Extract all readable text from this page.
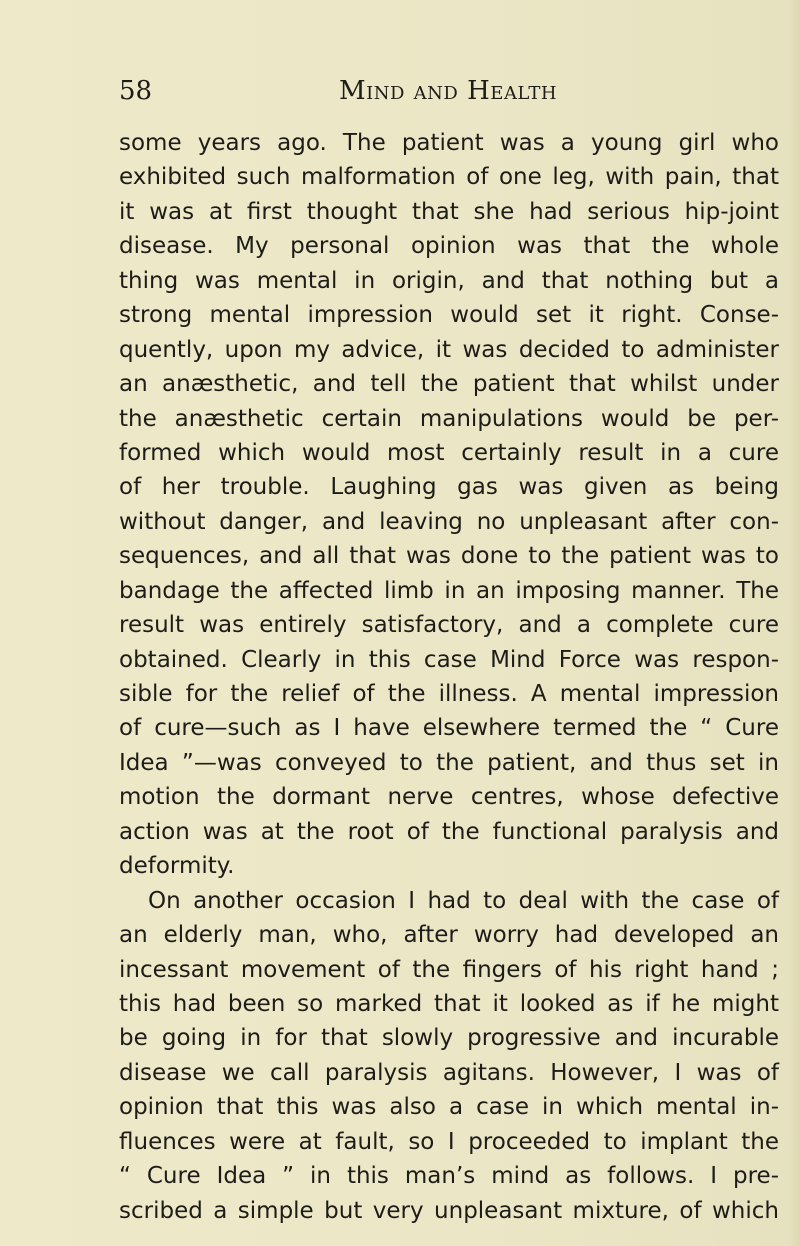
58	Mind and Health
some years ago. The patient was a young girl who
exhibited such malformation of one leg, with pain, that
it was at first thought that she had serious hip-joint
disease. My personal opinion was that the whole
thing was mental in origin, and that nothing but a
strong mental impression would set it right. Conse-
quently, upon my advice, it was decided to administer
an anæsthetic, and tell the patient that whilst under
the anæsthetic certain manipulations would be per-
formed which would most certainly result in a cure
of her trouble. Laughing gas was given as being
without danger, and leaving no unpleasant after con-
sequences, and all that was done to the patient was to
bandage the affected limb in an imposing manner. The
result was entirely satisfactory, and a complete cure
obtained. Clearly in this case Mind Force was respon-
sible for the relief of the illness. A mental impression
of cure—such as I have elsewhere termed the “ Cure
Idea ”—was conveyed to the patient, and thus set in
motion the dormant nerve centres, whose defective
action was at the root of the functional paralysis and
deformity.
On another occasion I had to deal with the case of
an elderly man, who, after worry had developed an
incessant movement of the fingers of his right hand ;
this had been so marked that it looked as if he might
be going in for that slowly progressive and incurable
disease we call paralysis agitans. However, I was of
opinion that this was also a case in which mental in-
fluences were at fault, so I proceeded to implant the
“ Cure Idea ” in this man’s mind as follows. I pre-
scribed a simple but very unpleasant mixture, of which
